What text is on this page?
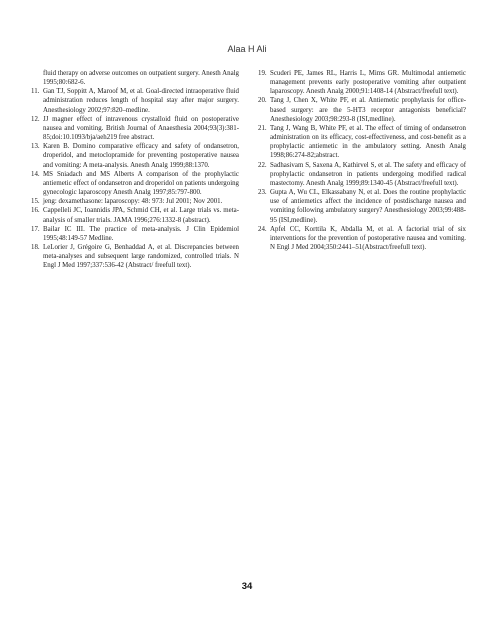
Alaa H Ali
fluid therapy on adverse outcomes on outpatient surgery. Anesth Analg 1995;80:682-6.
11. Gan TJ, Soppitt A, Maroof M, et al. Goal-directed intraoperative fluid administration reduces length of hospital stay after major surgery. Anesthesiology 2002;97:820–medline.
12. JJ magner effect of intravenous crystalloid fluid on postoperative nausea and vomiting. British Journal of Anaesthesia 2004;93(3):381-85;doi:10.1093/bja/aeh219 free abstract.
13. Karen B. Domino comparative efficacy and safety of ondansetron, droperidol, and metoclopramide for preventing postoperative nausea and vomiting: A meta-analysis. Anesth Analg 1999;88:1370.
14. MS Sniadach and MS Alberts A comparison of the prophylactic antiemetic effect of ondansetron and droperidol on patients undergoing gynecologic laparoscopy Anesth Analg 1997;85:797-800.
15. jeng: dexamethasone: laparoscopy: 48: 973: Jul 2001; Nov 2001.
16. Cappelleli JC, Ioannidis JPA, Schmid CH, et al. Large trials vs. meta-analysis of smaller trials. JAMA 1996;276:1332-8 (abstract).
17. Bailar IC III. The practice of meta-analysis. J Clin Epidemiol 1995;48:149-57 Medline.
18. LeLorier J, Grégoire G, Benhaddad A, et al. Discrepancies between meta-analyses and subsequent large randomized, controlled trials. N Engl J Med 1997;337:536-42 (Abstract/ freefull text).
19. Scuderi PE, James RL, Harris L, Mims GR. Multimodal antiemetic management prevents early postoperative vomiting after outpatient laparoscopy. Anesth Analg 2000;91:1408-14 (Abstract/freefull text).
20. Tang J, Chen X, White PF, et al. Antiemetic prophylaxis for office-based surgery: are the 5-HT3 receptor antagonists beneficial? Anesthesiology 2003;98:293-8 (ISI,medline).
21. Tang J, Wang B, White PF, et al. The effect of timing of ondansetron administration on its efficacy, cost-effectiveness, and cost-benefit as a prophylactic antiemetic in the ambulatory setting. Anesth Analg 1998;86:274-82;abstract.
22. Sadhasivam S, Saxena A, Kathirvel S, et al. The safety and efficacy of prophylactic ondansetron in patients undergoing modified radical mastectomy. Anesth Analg 1999;89:1340-45 (Abstract/freefull text).
23. Gupta A, Wu CL, Elkassabany N, et al. Does the routine prophylactic use of antiemetics affect the incidence of postdischarge nausea and vomiting following ambulatory surgery? Anesthesiology 2003;99:488-95 (ISI,medline).
24. Apfel CC, Korttila K, Abdalla M, et al. A factorial trial of six interventions for the prevention of postoperative nausea and vomiting. N Engl J Med 2004;350:2441–51(Abstract/freefull text).
34
